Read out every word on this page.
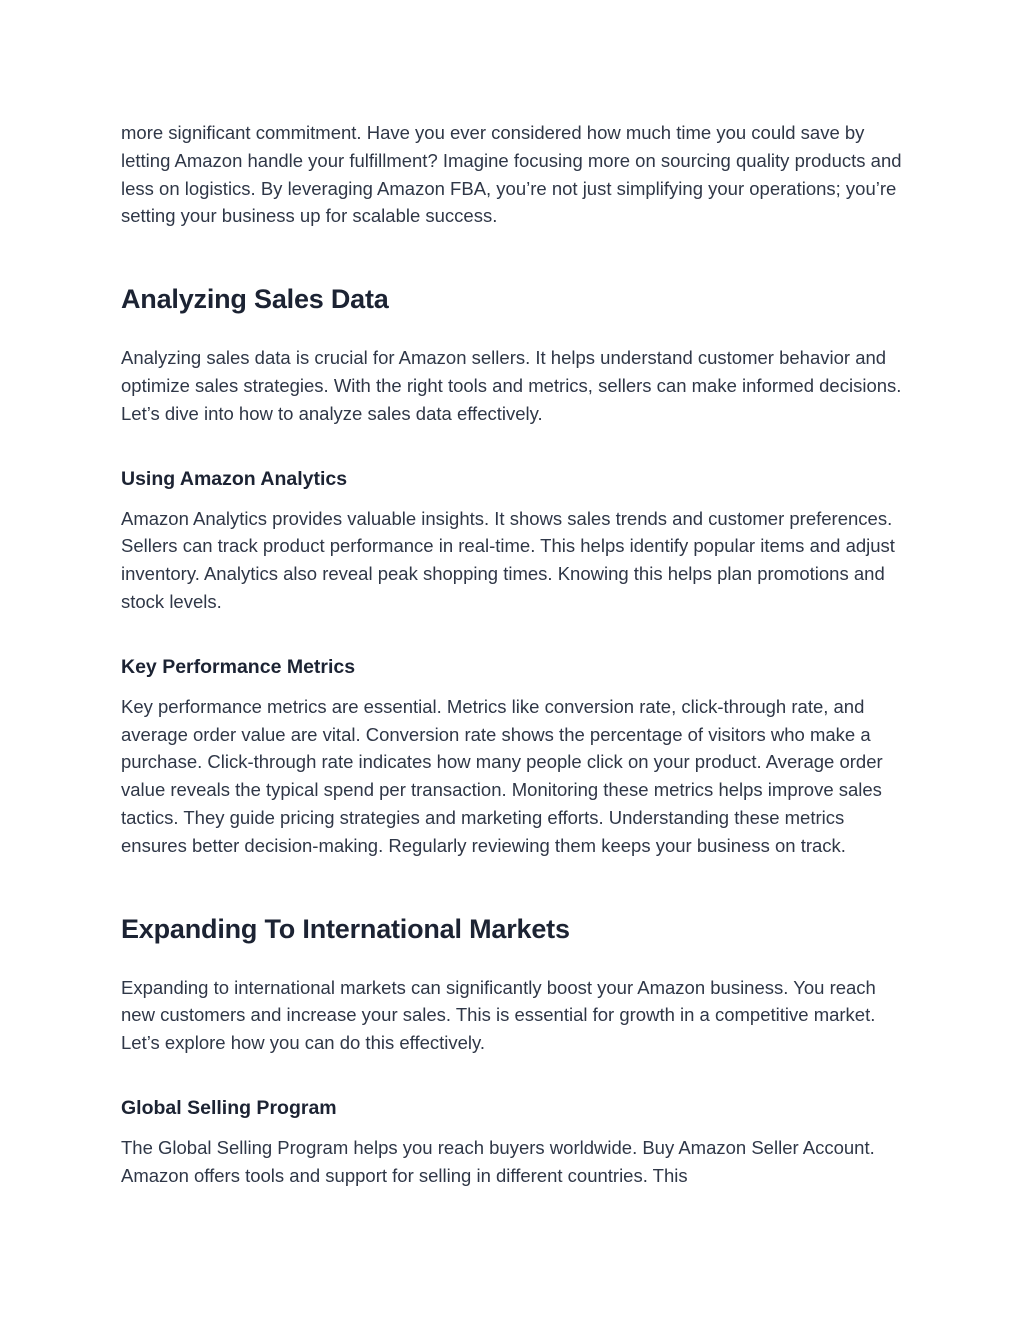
more significant commitment. Have you ever considered how much time you could save by letting Amazon handle your fulfillment? Imagine focusing more on sourcing quality products and less on logistics. By leveraging Amazon FBA, you’re not just simplifying your operations; you’re setting your business up for scalable success.

Analyzing Sales Data

Analyzing sales data is crucial for Amazon sellers. It helps understand customer behavior and optimize sales strategies. With the right tools and metrics, sellers can make informed decisions. Let’s dive into how to analyze sales data effectively.

Using Amazon Analytics

Amazon Analytics provides valuable insights. It shows sales trends and customer preferences. Sellers can track product performance in real-time. This helps identify popular items and adjust inventory. Analytics also reveal peak shopping times. Knowing this helps plan promotions and stock levels.

Key Performance Metrics

Key performance metrics are essential. Metrics like conversion rate, click-through rate, and average order value are vital. Conversion rate shows the percentage of visitors who make a purchase. Click-through rate indicates how many people click on your product. Average order value reveals the typical spend per transaction. Monitoring these metrics helps improve sales tactics. They guide pricing strategies and marketing efforts. Understanding these metrics ensures better decision-making. Regularly reviewing them keeps your business on track.

Expanding To International Markets

Expanding to international markets can significantly boost your Amazon business. You reach new customers and increase your sales. This is essential for growth in a competitive market. Let’s explore how you can do this effectively.

Global Selling Program

The Global Selling Program helps you reach buyers worldwide. Buy Amazon Seller Account. Amazon offers tools and support for selling in different countries. This
